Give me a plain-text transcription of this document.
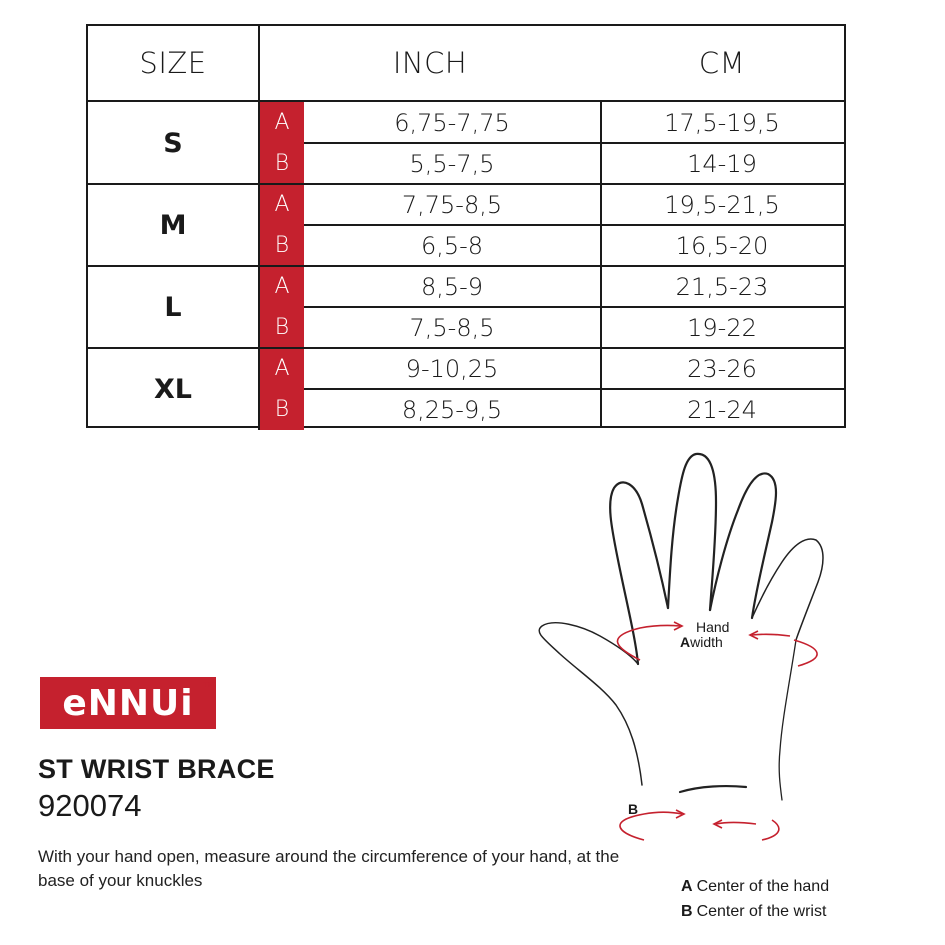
SIZE	INCH	CM
S
A	6,75-7,75	17,5-19,5
B	5,5-7,5	14-19
M
A	7,75-8,5	19,5-21,5
B	6,5-8	16,5-20
L
A	8,5-9	21,5-23
B	7,5-8,5	19-22
XL
A	9-10,25	23-26
B	8,25-9,5	21-24
eNNUi	TM
ST WRIST BRACE
920074
With your hand open, measure around the circumference of your hand, at the base of your knuckles
Hand
Awidth
B
A Center of the hand
B Center of the wrist
